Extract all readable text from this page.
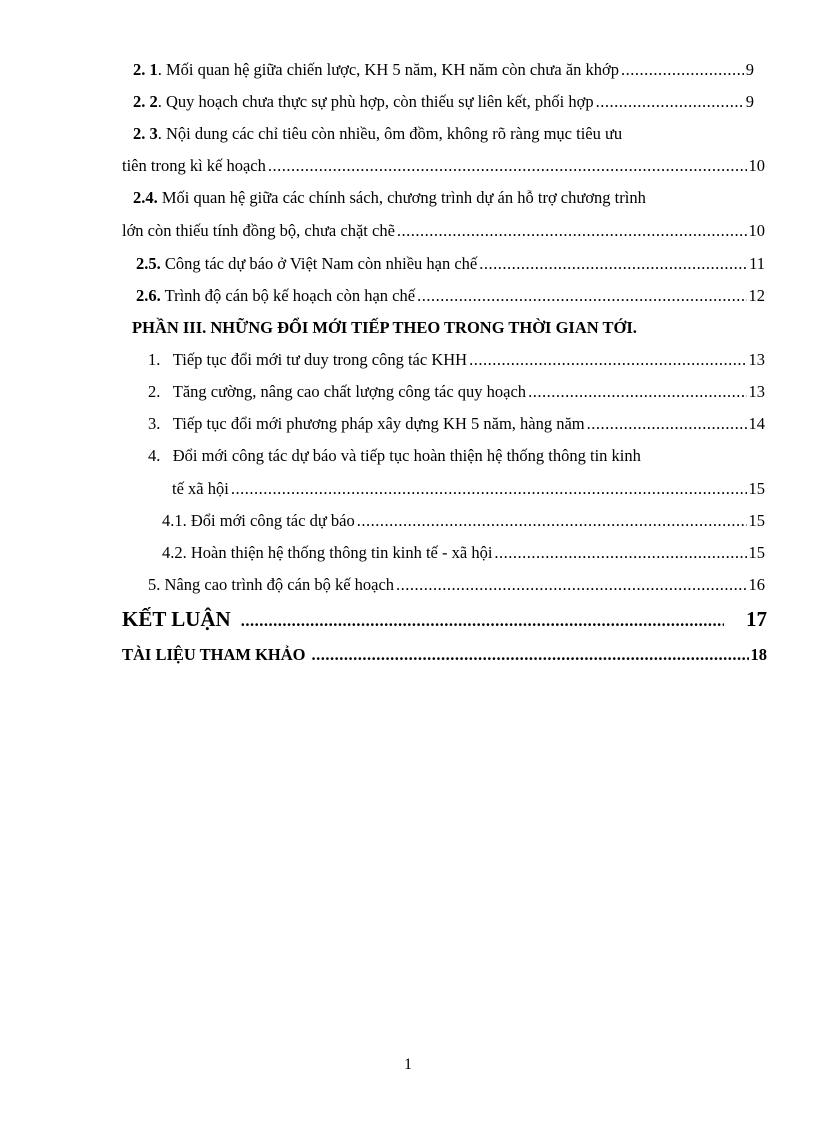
2. 1. Mối quan hệ giữa chiến lược, KH 5 năm, KH năm còn chưa ăn khớp .....	9
2. 2. Quy hoạch chưa thực sự phù hợp, còn thiếu sự liên kết, phối hợp .....	9
2. 3. Nội dung các chỉ tiêu còn nhiều, ôm đồm, không rõ ràng mục tiêu ưu
tiên trong kì kế hoạch .....	10
2.4. Mối quan hệ giữa các chính sách, chương trình dự án hỗ trợ chương trình
lớn còn thiếu tính đồng bộ, chưa chặt chẽ .....	10
2.5. Công tác dự báo ở Việt Nam còn nhiều hạn chế .....	11
2.6. Trình độ cán bộ kế hoạch còn hạn chế .....	12
PHẦN III. NHỮNG ĐỔI MỚI TIẾP THEO TRONG THỜI GIAN TỚI.
1. Tiếp tục đổi mới tư duy trong công tác KHH .....	13
2. Tăng cường, nâng cao chất lượng công tác quy hoạch .....	13
3. Tiếp tục đổi mới phương pháp xây dựng KH 5 năm, hàng năm .....	14
4. Đổi mới công tác dự báo và tiếp tục hoàn thiện hệ thống thông tin kinh
tế xã hội .....	15
4.1. Đổi mới công tác dự báo .....	15
4.2. Hoàn thiện hệ thống thông tin kinh tế - xã hội .....	15
5. Nâng cao trình độ cán bộ kế hoạch .....	16
KẾT LUẬN .....	17
TÀI LIỆU THAM KHẢO .....	18
1
